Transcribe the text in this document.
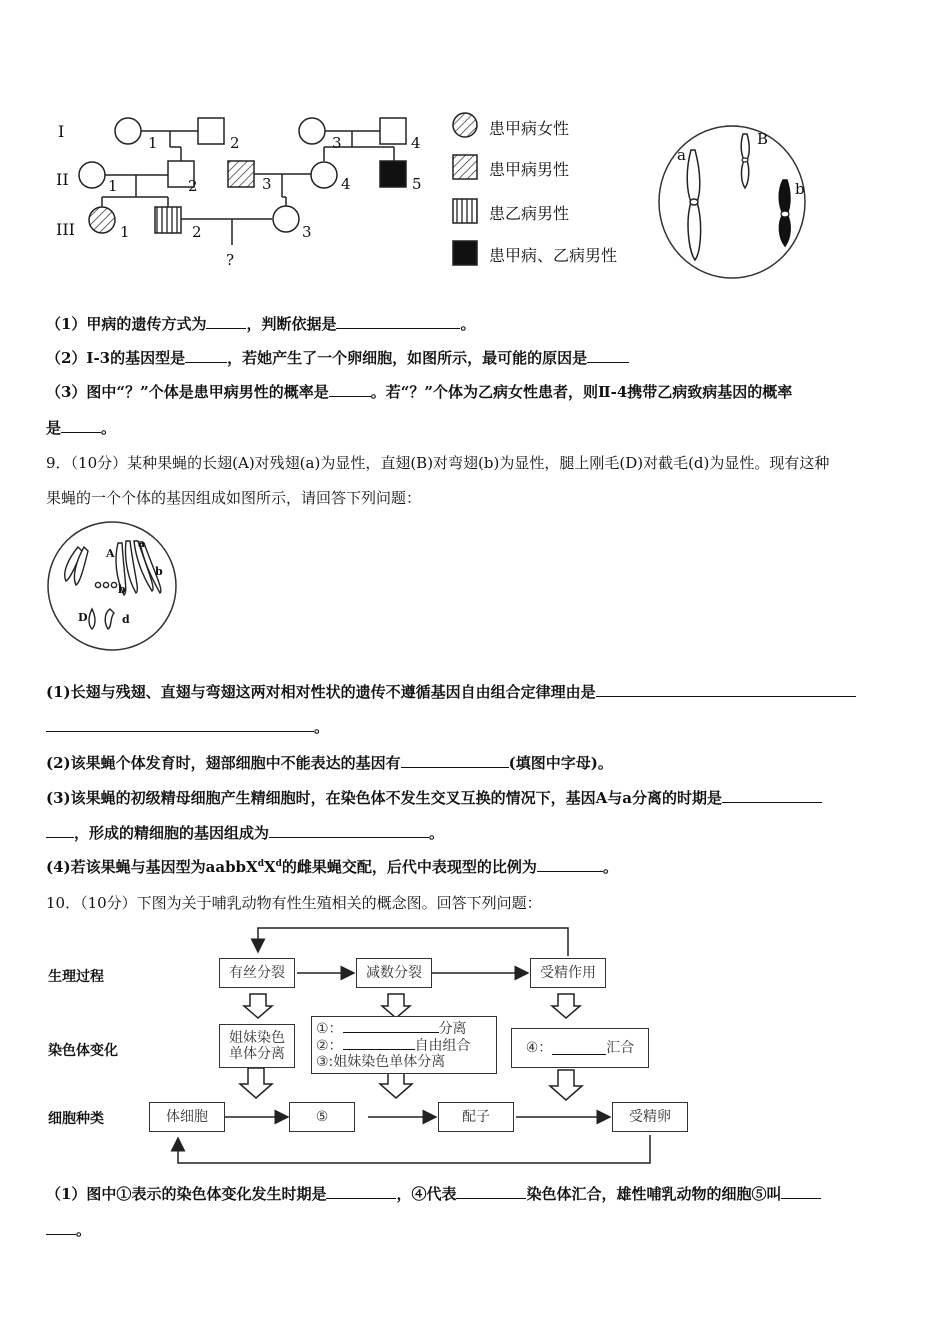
I
II
III
1	2	3	4
1	2	3	4	5
1	2	3
?
患甲病女性
患甲病男性
患乙病男性
患甲病、乙病男性
a
B
b
（1）甲病的遗传方式为	，判断依据是	。
（2）Ⅰ-3的基因型是	，若她产生了一个卵细胞，如图所示，最可能的原因是
（3）图中“？”个体是患甲病男性的概率是	。若“？”个体为乙病女性患者，则Ⅱ-4携带乙病致病基因的概率
是	。
9．（10分）某种果蝇的长翅(A)对残翅(a)为显性，直翅(B)对弯翅(b)为显性，腿上刚毛(D)对截毛(d)为显性。现有这种
果蝇的一个个体的基因组成如图所示，请回答下列问题：
A
a
b
b
D	d
(1)长翅与残翅、直翅与弯翅这两对相对性状的遗传不遵循基因自由组合定律理由是
。
(2)该果蝇个体发育时，翅部细胞中不能表达的基因有	(填图中字母)。
(3)该果蝇的初级精母细胞产生精细胞时，在染色体不发生交叉互换的情况下，基因A与a分离的时期是
，形成的精细胞的基因组成为	。
(4)若该果蝇与基因型为$aabbX^dX^d$的雌果蝇交配，后代中表现型的比例为	。
10．（10分）下图为关于哺乳动物有性生殖相关的概念图。回答下列问题：
生理过程
染色体变化
细胞种类
有丝分裂	减数分裂	受精作用
姐妹染色
单体分离
①：	分离
②：	自由组合
③:姐妹染色单体分离
④：	汇合
体细胞	⑤	配子	受精卵
（1）图中①表示的染色体变化发生时期是	，④代表	染色体汇合，雄性哺乳动物的细胞⑤叫
。
